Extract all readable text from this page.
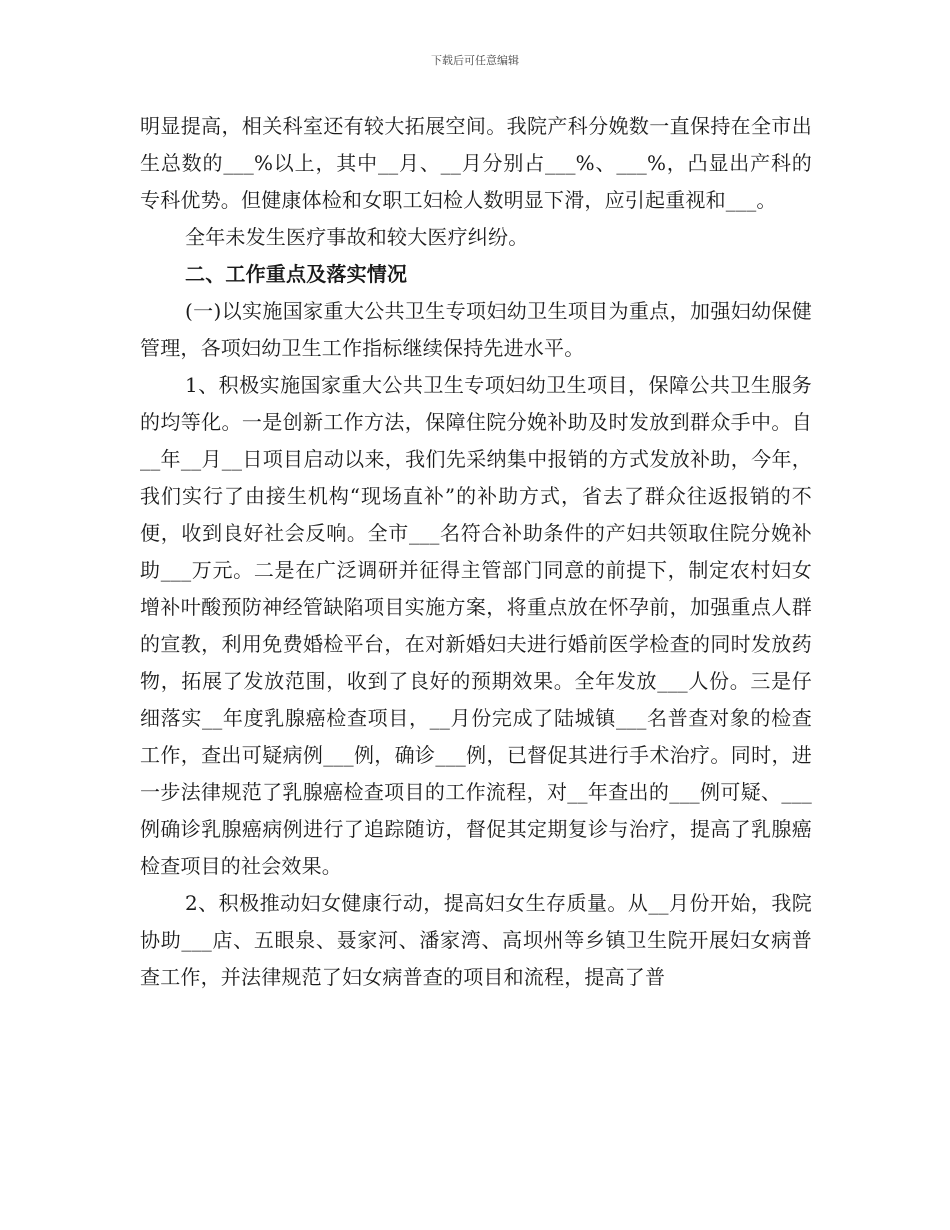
下载后可任意编辑

明显提高，相关科室还有较大拓展空间。我院产科分娩数一直保持在全市出生总数的___%以上，其中__月、__月分别占___%、___%，凸显出产科的专科优势。但健康体检和女职工妇检人数明显下滑，应引起重视和___。

全年未发生医疗事故和较大医疗纠纷。

二、工作重点及落实情况

(一)以实施国家重大公共卫生专项妇幼卫生项目为重点，加强妇幼保健管理，各项妇幼卫生工作指标继续保持先进水平。

1、积极实施国家重大公共卫生专项妇幼卫生项目，保障公共卫生服务的均等化。一是创新工作方法，保障住院分娩补助及时发放到群众手中。自__年__月__日项目启动以来，我们先采纳集中报销的方式发放补助，今年，我们实行了由接生机构“现场直补”的补助方式，省去了群众往返报销的不便，收到良好社会反响。全市___名符合补助条件的产妇共领取住院分娩补助___万元。二是在广泛调研并征得主管部门同意的前提下，制定农村妇女增补叶酸预防神经管缺陷项目实施方案，将重点放在怀孕前，加强重点人群的宣教，利用免费婚检平台，在对新婚妇夫进行婚前医学检查的同时发放药物，拓展了发放范围，收到了良好的预期效果。全年发放___人份。三是仔细落实__年度乳腺癌检查项目，__月份完成了陆城镇___名普查对象的检查工作，查出可疑病例___例，确诊___例，已督促其进行手术治疗。同时，进一步法律规范了乳腺癌检查项目的工作流程，对__年查出的___例可疑、___例确诊乳腺癌病例进行了追踪随访，督促其定期复诊与治疗，提高了乳腺癌检查项目的社会效果。

2、积极推动妇女健康行动，提高妇女生存质量。从__月份开始，我院协助___店、五眼泉、聂家河、潘家湾、高坝州等乡镇卫生院开展妇女病普查工作，并法律规范了妇女病普查的项目和流程，提高了普
